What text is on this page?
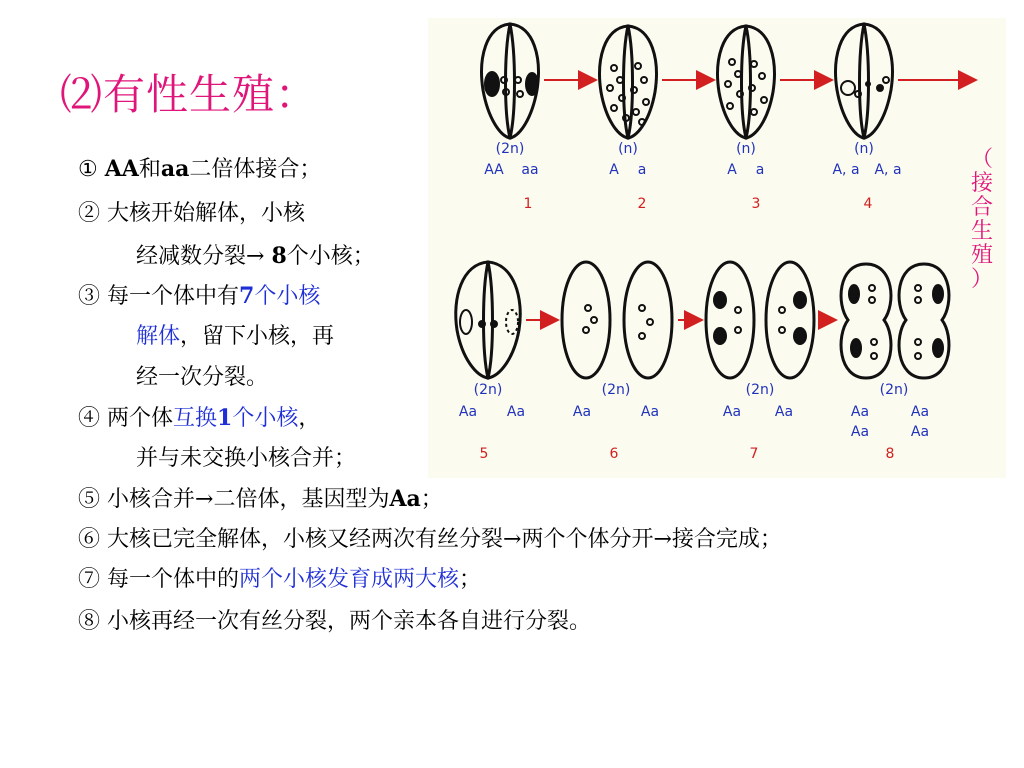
⑵有性生殖：
① AA和aa二倍体接合；
② 大核开始解体，小核
经减数分裂→ 8个小核；
③ 每一个体中有7个小核
解体，留下小核，再
经一次分裂。
④ 两个体互换1个小核，
并与未交换小核合并；
⑤ 小核合并→二倍体，基因型为Aa；
⑥ 大核已完全解体，小核又经两次有丝分裂→两个个体分开→接合完成；
⑦ 每一个体中的两个小核发育成两大核；
⑧ 小核再经一次有丝分裂，两个亲本各自进行分裂。
(2n)
AA aa
(n)
A a
(n)
A a
(n)
A, a A, a
1	2	3	4
(2n)
Aa Aa
(2n)
Aa	Aa
(2n)
Aa Aa
(2n)
Aa	Aa
Aa	Aa
5	6	7	8
（
接
合
生
殖
）
